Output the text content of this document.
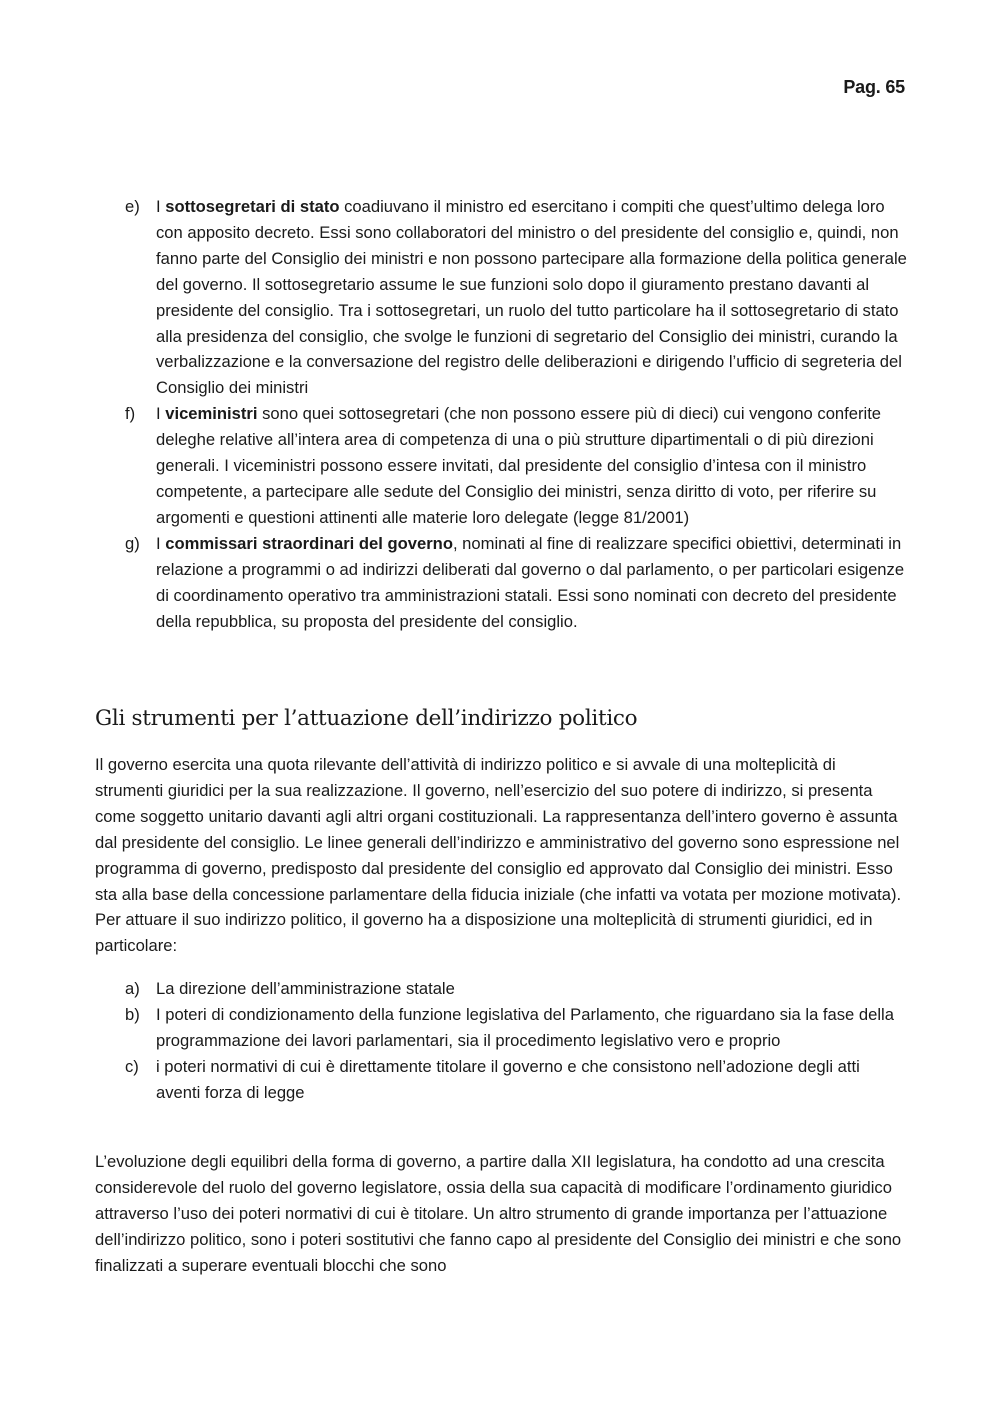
Pag. 65
e) I sottosegretari di stato coadiuvano il ministro ed esercitano i compiti che quest’ultimo delega loro con apposito decreto. Essi sono collaboratori del ministro o del presidente del consiglio e, quindi, non fanno parte del Consiglio dei ministri e non possono partecipare alla formazione della politica generale del governo. Il sottosegretario assume le sue funzioni solo dopo il giuramento prestano davanti al presidente del consiglio. Tra i sottosegretari, un ruolo del tutto particolare ha il sottosegretario di stato alla presidenza del consiglio, che svolge le funzioni di segretario del Consiglio dei ministri, curando la verbalizzazione e la conversazione del registro delle deliberazioni e dirigendo l’ufficio di segreteria del Consiglio dei ministri
f)	I viceministri sono quei sottosegretari (che non possono essere più di dieci) cui vengono conferite deleghe relative all’intera area di competenza di una o più strutture dipartimentali o di più direzioni generali. I viceministri possono essere invitati, dal presidente del consiglio d’intesa con il ministro competente, a partecipare alle sedute del Consiglio dei ministri, senza diritto di voto, per riferire su argomenti e questioni attinenti alle materie loro delegate (legge 81/2001)
g) I commissari straordinari del governo, nominati al fine di realizzare specifici obiettivi, determinati in relazione a programmi o ad indirizzi deliberati dal governo o dal parlamento, o per particolari esigenze di coordinamento operativo tra amministrazioni statali. Essi sono nominati con decreto del presidente della repubblica, su proposta del presidente del consiglio.
Gli strumenti per l’attuazione dell’indirizzo politico

Il governo esercita una quota rilevante dell’attività di indirizzo politico e si avvale di una molteplicità di strumenti giuridici per la sua realizzazione. Il governo, nell’esercizio del suo potere di indirizzo, si presenta come soggetto unitario davanti agli altri organi costituzionali. La rappresentanza dell’intero governo è assunta dal presidente del consiglio. Le linee generali dell’indirizzo e amministrativo del governo sono espressione nel programma di governo, predisposto dal presidente del consiglio ed approvato dal Consiglio dei ministri. Esso sta alla base della concessione parlamentare della fiducia iniziale (che infatti va votata per mozione motivata). Per attuare il suo indirizzo politico, il governo ha a disposizione una molteplicità di strumenti giuridici, ed in particolare:

a) La direzione dell’amministrazione statale
b) I poteri di condizionamento della funzione legislativa del Parlamento, che riguardano sia la fase della programmazione dei lavori parlamentari, sia il procedimento legislativo vero e proprio
c)	i poteri normativi di cui è direttamente titolare il governo e che consistono nell’adozione degli atti aventi forza di legge

L’evoluzione degli equilibri della forma di governo, a partire dalla XII legislatura, ha condotto ad una crescita considerevole del ruolo del governo legislatore, ossia della sua capacità di modificare l’ordinamento giuridico attraverso l’uso dei poteri normativi di cui è titolare. Un altro strumento di grande importanza per l’attuazione dell’indirizzo politico, sono i poteri sostitutivi che fanno capo al presidente del Consiglio dei ministri e che sono finalizzati a superare eventuali blocchi che sono
